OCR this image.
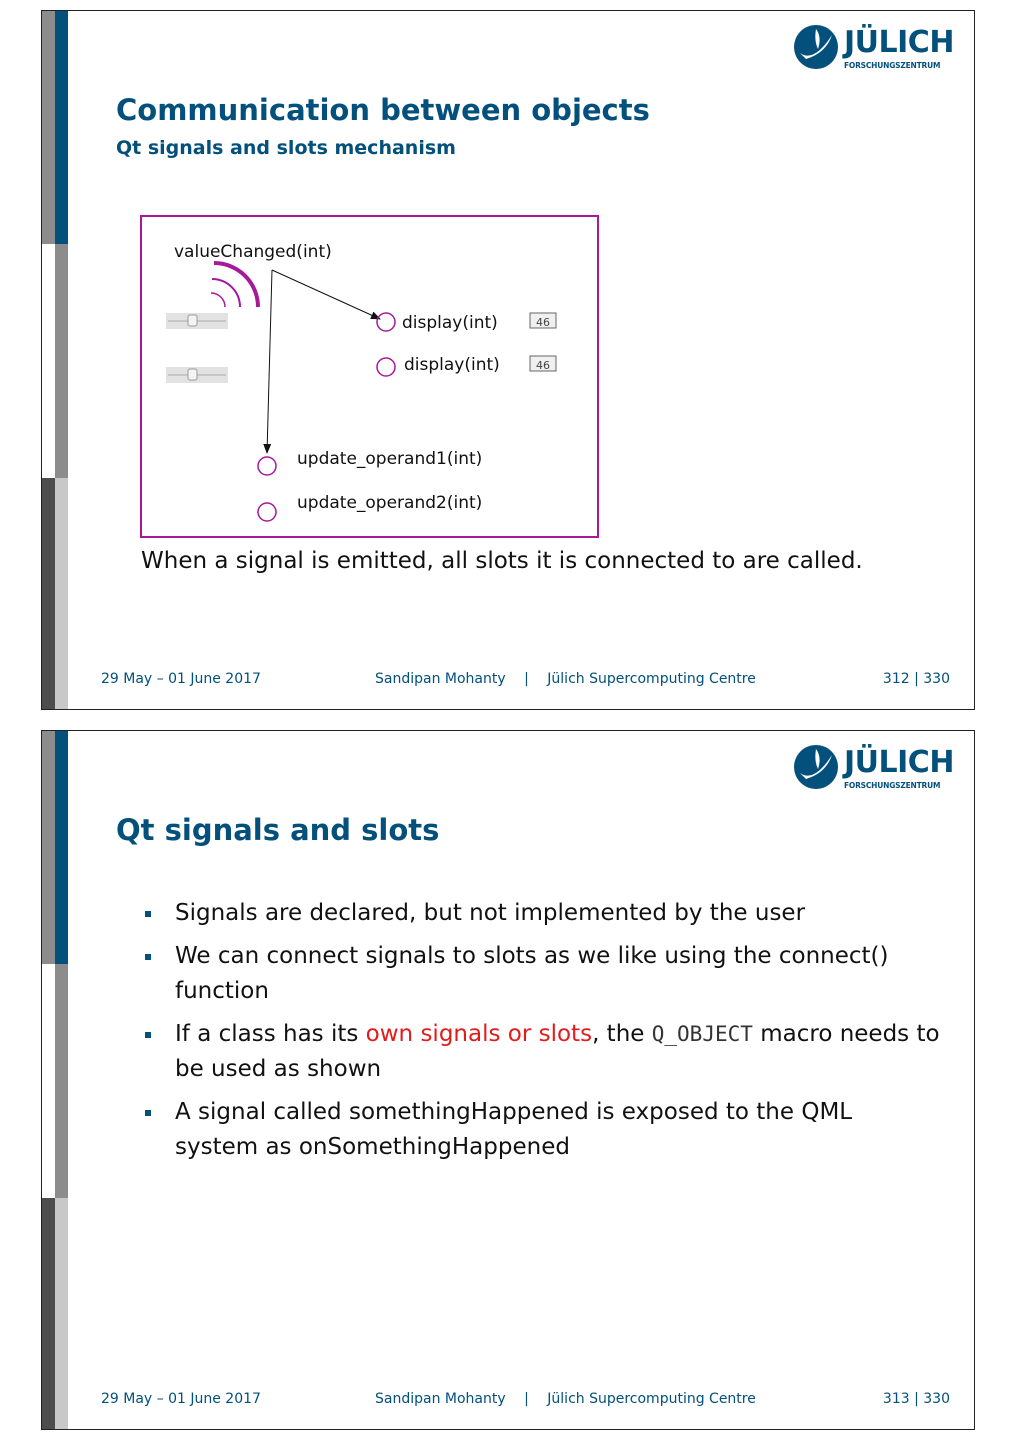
JÜLICH
FORSCHUNGSZENTRUM
Communication between objects
Qt signals and slots mechanism
valueChanged(int)
display(int)	46
display(int)	46
update_operand1(int)
update_operand2(int)
When a signal is emitted, all slots it is connected to are called.
29 May – 01 June 2017	Sandipan Mohanty | Jülich Supercomputing Centre	312 | 330
JÜLICH
FORSCHUNGSZENTRUM
Qt signals and slots
Signals are declared, but not implemented by the user
We can connect signals to slots as we like using the connect() function
If a class has its own signals or slots, the Q_OBJECT macro needs to be used as shown
A signal called somethingHappened is exposed to the QML system as onSomethingHappened
29 May – 01 June 2017	Sandipan Mohanty | Jülich Supercomputing Centre	313 | 330
